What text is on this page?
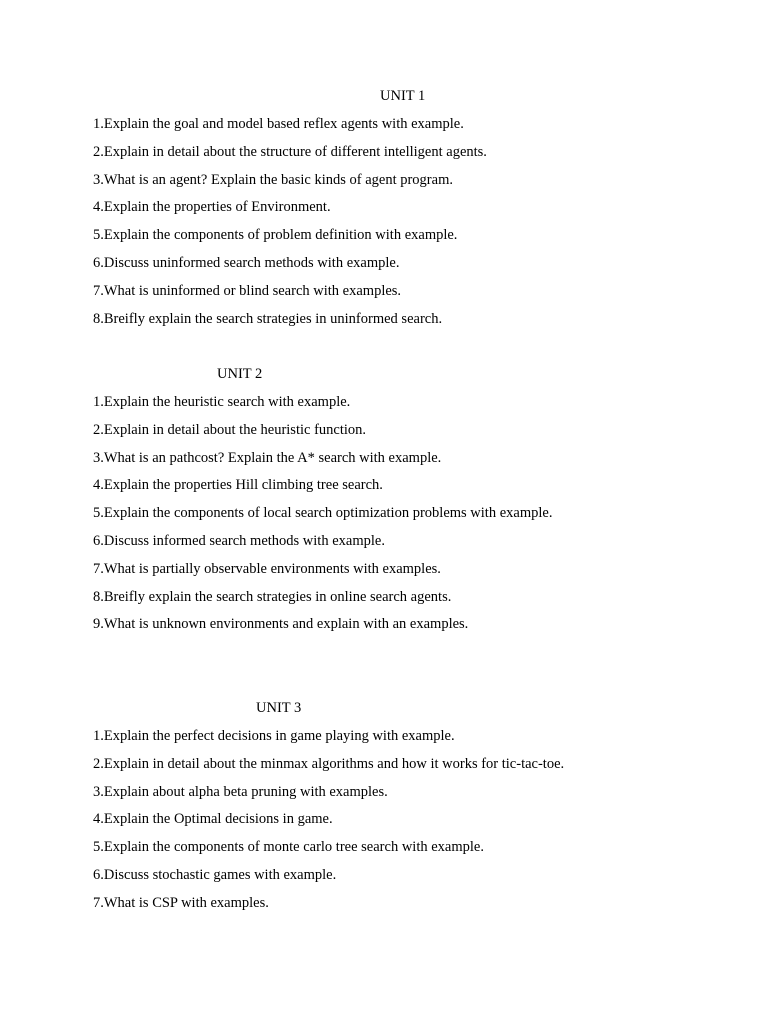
UNIT 1
1.Explain the goal and model based reflex agents with example.
2.Explain in detail about the structure of different intelligent agents.
3.What is an agent? Explain the basic kinds of agent program.
4.Explain the properties of Environment.
5.Explain the components of problem definition with example.
6.Discuss uninformed search methods with example.
7.What is uninformed or blind search with examples.
8.Breifly explain the search strategies in uninformed search.
UNIT 2
1.Explain the heuristic search with example.
2.Explain in detail about the heuristic function.
3.What is an pathcost? Explain the A* search with example.
4.Explain the properties Hill climbing tree search.
5.Explain the components of local search optimization problems with example.
6.Discuss informed search methods with example.
7.What is partially observable environments with examples.
8.Breifly explain the search strategies in online search agents.
9.What is unknown environments and explain with an examples.
UNIT 3
1.Explain the perfect decisions in game playing with example.
2.Explain in detail about the minmax algorithms and how it works for tic-tac-toe.
3.Explain about alpha beta pruning with examples.
4.Explain the Optimal decisions in game.
5.Explain the components of monte carlo tree search with example.
6.Discuss stochastic games with example.
7.What is CSP with examples.
